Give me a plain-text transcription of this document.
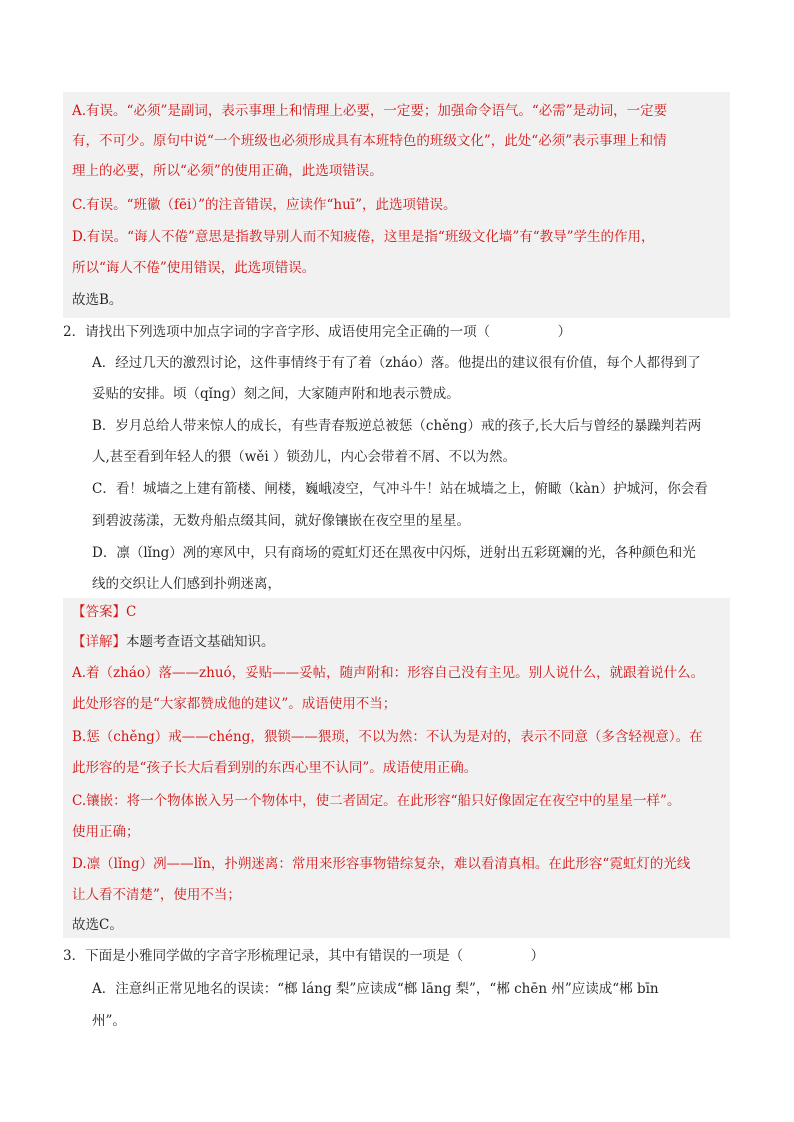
A.有误。“必须”是副词，表示事理上和情理上必要，一定要；加强命令语气。“必需”是动词，一定要
有，不可少。原句中说“一个班级也必须形成具有本班特色的班级文化”，此处“必须”表示事理上和情
理上的必要，所以“必须”的使用正确，此选项错误。
C.有误。“班徽（fēi）”的注音错误，应读作“huī”，此选项错误。
D.有误。“诲人不倦”意思是指教导别人而不知疲倦，这里是指“班级文化墙”有“教导”学生的作用，
所以“诲人不倦”使用错误，此选项错误。
故选B。
2．请找出下列选项中加点字词的字音字形、成语使用完全正确的一项（　　　　　）
A．经过几天的激烈讨论，这件事情终于有了着（zháo）落。他提出的建议很有价值，每个人都得到了
妥贴的安排。顷（qǐng）刻之间，大家随声附和地表示赞成。
B．岁月总给人带来惊人的成长，有些青春叛逆总被惩（chěng）戒的孩子,长大后与曾经的暴躁判若两
人,甚至看到年轻人的猥（wěi ）锁劲儿，内心会带着不屑、不以为然。
C．看！城墙之上建有箭楼、闸楼，巍峨凌空，气冲斗牛！站在城墙之上，俯瞰（kàn）护城河，你会看
到碧波荡漾，无数舟船点缀其间，就好像镶嵌在夜空里的星星。
D．凛（lǐng）冽的寒风中，只有商场的霓虹灯还在黑夜中闪烁，迸射出五彩斑斓的光，各种颜色和光
线的交织让人们感到扑朔迷离，
【答案】C
【详解】本题考查语文基础知识。
A.着（zháo）落——zhuó，妥贴——妥帖，随声附和：形容自己没有主见。别人说什么，就跟着说什么。
此处形容的是“大家都赞成他的建议”。成语使用不当；
B.惩（chěng）戒——chéng，猥锁——猥琐，不以为然：不认为是对的，表示不同意（多含轻视意）。在
此形容的是“孩子长大后看到别的东西心里不认同”。成语使用正确。
C.镶嵌：将一个物体嵌入另一个物体中，使二者固定。在此形容“船只好像固定在夜空中的星星一样”。
使用正确；
D.凛（lǐng）冽——lǐn，扑朔迷离：常用来形容事物错综复杂，难以看清真相。在此形容“霓虹灯的光线
让人看不清楚”，使用不当；
故选C。
3．下面是小雅同学做的字音字形梳理记录，其中有错误的一项是（　　　　　）
A．注意纠正常见地名的误读：“榔 láng 梨”应读成“榔 lāng 梨”，“郴 chēn 州”应读成“郴 bīn
州”。
